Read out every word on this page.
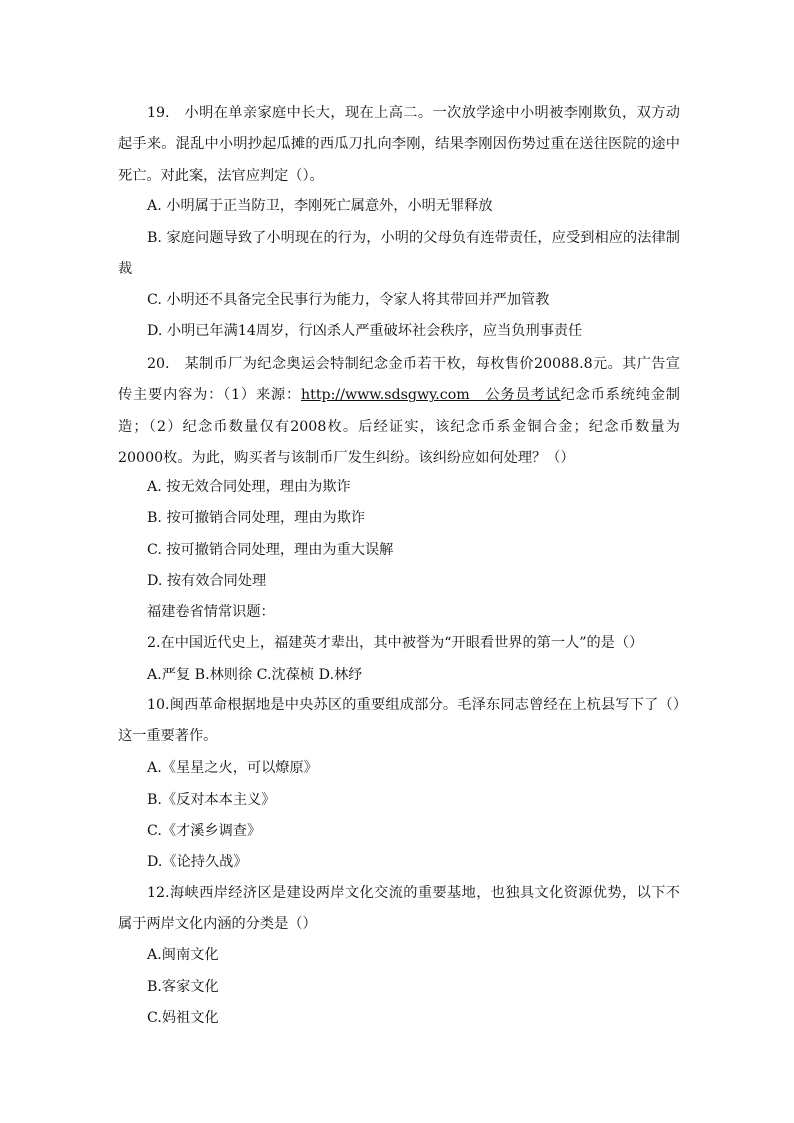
19.　小明在单亲家庭中长大，现在上高二。一次放学途中小明被李刚欺负，双方动起手来。混乱中小明抄起瓜摊的西瓜刀扎向李刚，结果李刚因伤势过重在送往医院的途中死亡。对此案，法官应判定（）。

A. 小明属于正当防卫，李刚死亡属意外，小明无罪释放

B. 家庭问题导致了小明现在的行为，小明的父母负有连带责任，应受到相应的法律制裁

C. 小明还不具备完全民事行为能力，令家人将其带回并严加管教

D. 小明已年满14周岁，行凶杀人严重破坏社会秩序，应当负刑事责任

20.　某制币厂为纪念奥运会特制纪念金币若干枚，每枚售价20088.8元。其广告宣传主要内容为：（1）来源：http://www.sdsgwy.com　公务员考试纪念币系统纯金制造；（2）纪念币数量仅有2008枚。后经证实，该纪念币系金铜合金；纪念币数量为20000枚。为此，购买者与该制币厂发生纠纷。该纠纷应如何处理？（）

A. 按无效合同处理，理由为欺诈

B. 按可撤销合同处理，理由为欺诈

C. 按可撤销合同处理，理由为重大误解

D. 按有效合同处理

福建卷省情常识题：

2.在中国近代史上，福建英才辈出，其中被誉为“开眼看世界的第一人”的是（）

A.严复 B.林则徐 C.沈葆桢 D.林纾

10.闽西革命根据地是中央苏区的重要组成部分。毛泽东同志曾经在上杭县写下了（）这一重要著作。

A.《星星之火，可以燎原》

B.《反对本本主义》

C.《才溪乡调查》

D.《论持久战》

12.海峡西岸经济区是建设两岸文化交流的重要基地，也独具文化资源优势，以下不属于两岸文化内涵的分类是（）

A.闽南文化

B.客家文化

C.妈祖文化
